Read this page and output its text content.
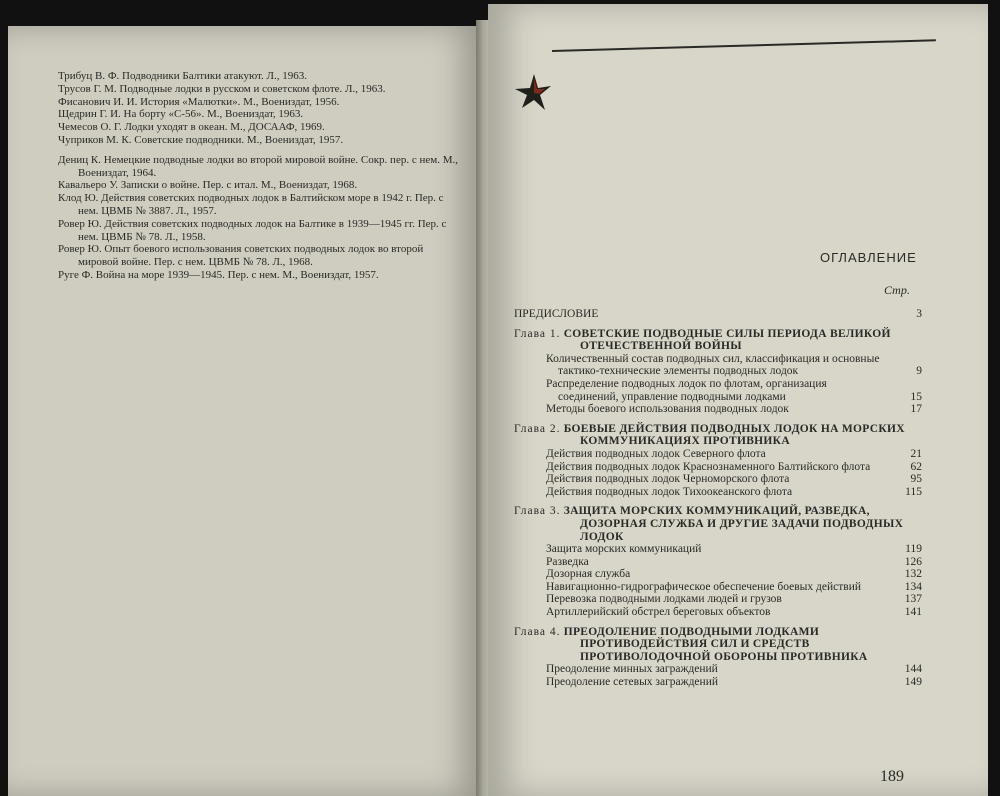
Трибуц В. Ф. Подводники Балтики атакуют. Л., 1963.

Трусов Г. М. Подводные лодки в русском и советском флоте. Л., 1963.

Фисанович И. И. История «Малютки». М., Воениздат, 1956.

Щедрин Г. И. На борту «С-56». М., Воениздат, 1963.

Чемесов О. Г. Лодки уходят в океан. М., ДОСААФ, 1969.

Чуприков М. К. Советские подводники. М., Воениздат, 1957.

Дениц К. Немецкие подводные лодки во второй мировой войне. Сокр. пер. с нем. М., Воениздат, 1964.

Кавальеро У. Записки о войне. Пер. с итал. М., Воениздат, 1968.

Клод Ю. Действия советских подводных лодок в Балтийском море в 1942 г. Пер. с нем. ЦВМБ № 3887. Л., 1957.

Ровер Ю. Действия советских подводных лодок на Балтике в 1939—1945 гг. Пер. с нем. ЦВМБ № 78. Л., 1958.

Ровер Ю. Опыт боевого использования советских подводных лодок во второй мировой войне. Пер. с нем. ЦВМБ № 78. Л., 1968.

Руге Ф. Война на море 1939—1945. Пер. с нем. М., Воениздат, 1957.

ОГЛАВЛЕНИЕ
Стр.
ПРЕДИСЛОВИЕ	3
Глава 1. СОВЕТСКИЕ ПОДВОДНЫЕ СИЛЫ ПЕРИОДА ВЕЛИКОЙ ОТЕЧЕСТВЕННОЙ ВОЙНЫ
Количественный состав подводных сил, классификация и основные тактико-технические элементы подводных лодок	9
Распределение подводных лодок по флотам, организация соединений, управление подводными лодками	15
Методы боевого использования подводных лодок	17
Глава 2. БОЕВЫЕ ДЕЙСТВИЯ ПОДВОДНЫХ ЛОДОК НА МОРСКИХ КОММУНИКАЦИЯХ ПРОТИВНИКА
Действия подводных лодок Северного флота	21
Действия подводных лодок Краснознаменного Балтийского флота	62
Действия подводных лодок Черноморского флота	95
Действия подводных лодок Тихоокеанского флота	115
Глава 3. ЗАЩИТА МОРСКИХ КОММУНИКАЦИЙ, РАЗВЕДКА, ДОЗОРНАЯ СЛУЖБА И ДРУГИЕ ЗАДАЧИ ПОДВОДНЫХ ЛОДОК
Защита морских коммуникаций	119
Разведка	126
Дозорная служба	132
Навигационно-гидрографическое обеспечение боевых действий	134
Перевозка подводными лодками людей и грузов	137
Артиллерийский обстрел береговых объектов	141
Глава 4. ПРЕОДОЛЕНИЕ ПОДВОДНЫМИ ЛОДКАМИ ПРОТИВОДЕЙСТВИЯ СИЛ И СРЕДСТВ ПРОТИВОЛОДОЧНОЙ ОБОРОНЫ ПРОТИВНИКА
Преодоление минных заграждений	144
Преодоление сетевых заграждений	149
189
